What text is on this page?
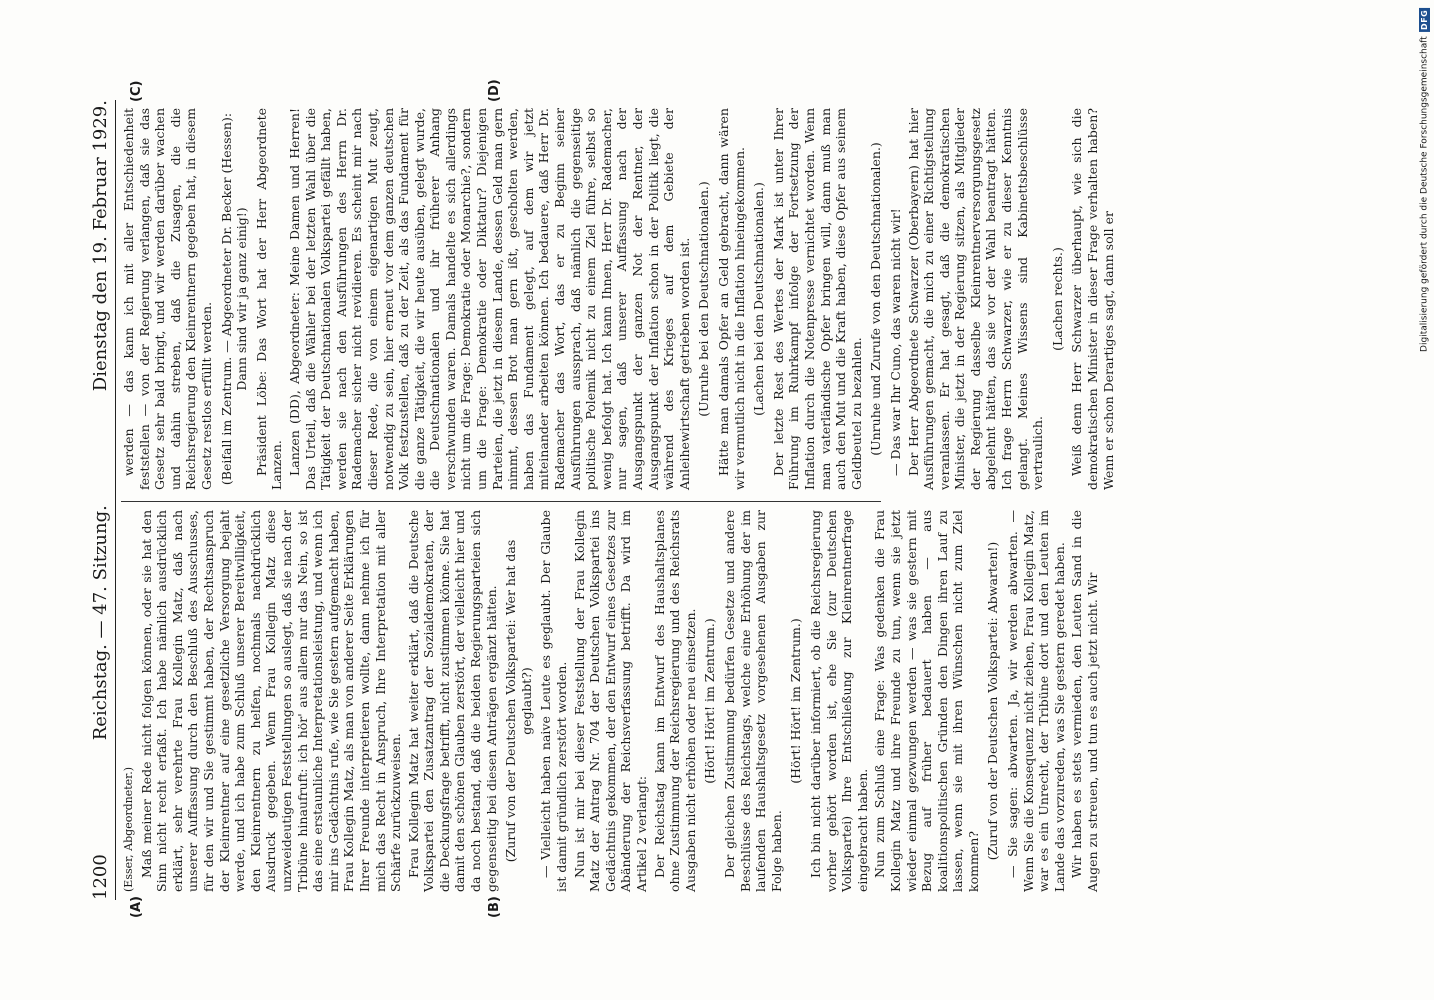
1200
Reichstag. — 47. Sitzung.
Dienstag den 19. Februar 1929.
(A)	(B)
(C)	(D)

(Esser, Abgeordneter.) Maß meiner Rede nicht folgen können, oder sie hat den Sinn nicht recht erfaßt. Ich habe nämlich ausdrücklich erklärt, sehr verehrte Frau Kollegin Matz, daß nach unserer Auffassung durch den Beschluß des Ausschusses, für den wir und Sie gestimmt haben, der Rechtsanspruch der Kleinrentner auf eine gesetzliche Versorgung bejaht werde, und ich habe zum Schluß unserer Bereitwilligkeit, den Kleinrentnern zu helfen, nochmals nachdrücklich Ausdruck gegeben. Wenn Frau Kollegin Matz diese unzweideutigen Feststellungen so auslegt, daß sie nach der Tribüne hinaufruft: ich hör' aus allem nur das Nein, so ist das eine erstaunliche Interpretationsleistung, und wenn ich mir ins Gedächtnis rufe, wie Sie gestern aufgemacht haben, Frau Kollegin Matz, als man von anderer Seite Erklärungen Ihrer Freunde interpretieren wollte, dann nehme ich für mich das Recht in Anspruch, Ihre Interpretation mit aller Schärfe zurückzuweisen. Frau Kollegin Matz hat weiter erklärt, daß die Deutsche Volkspartei den Zusatzantrag der Sozialdemokraten, der die Deckungsfrage betrifft, nicht zustimmen könne. Sie hat damit den schönen Glauben zerstört, der vielleicht hier und da noch bestand, daß die beiden Regierungsparteien sich gegenseitig bei diesen Anträgen ergänzt hätten. (Zuruf von der Deutschen Volkspartei: Wer hat das geglaubt?) — Vielleicht haben naive Leute es geglaubt. Der Glaube ist damit gründlich zerstört worden. Nun ist mir bei dieser Feststellung der Frau Kollegin Matz der Antrag Nr. 704 der Deutschen Volkspartei ins Gedächtnis gekommen, der den Entwurf eines Gesetzes zur Abänderung der Reichsverfassung betrifft. Da wird im Artikel 2 verlangt: Der Reichstag kann im Entwurf des Haushaltsplanes ohne Zustimmung der Reichsregierung und des Reichsrats Ausgaben nicht erhöhen oder neu einsetzen. (Hört! Hört! im Zentrum.) Der gleichen Zustimmung bedürfen Gesetze und andere Beschlüsse des Reichstags, welche eine Erhöhung der im laufenden Haushaltsgesetz vorgesehenen Ausgaben zur Folge haben.

(Hört! Hört! im Zentrum.) Ich bin nicht darüber informiert, ob die Reichsregierung vorher gehört worden ist, ehe Sie (zur Deutschen Volkspartei) Ihre Entschließung zur Kleinrentnerfrage eingebracht haben. Nun zum Schluß eine Frage: Was gedenken die Frau Kollegin Matz und ihre Freunde zu tun, wenn sie jetzt wieder einmal gezwungen werden — was sie gestern mit Bezug auf früher bedauert haben — aus koalitionspolitischen Gründen den Dingen ihren Lauf zu lassen, wenn sie mit ihren Wünschen nicht zum Ziel kommen?

(Zuruf von der Deutschen Volkspartei: Abwarten!) — Sie sagen: abwarten. Ja, wir werden abwarten. — Wenn Sie die Konsequenz nicht ziehen, Frau Kollegin Matz, war es ein Unrecht, der Tribüne dort und den Leuten im Lande das vorzureden, was Sie gestern geredet haben. Wir haben es stets vermieden, den Leuten Sand in die Augen zu streuen, und tun es auch jetzt nicht. Wir

werden — das kann ich mit aller Entschiedenheit feststellen — von der Regierung verlangen, daß sie das Gesetz sehr bald bringt, und wir werden darüber wachen und dahin streben, daß die Zusagen, die die Reichsregierung den Kleinrentnern gegeben hat, in diesem Gesetz restlos erfüllt werden. (Beifall im Zentrum. — Abgeordneter Dr. Becker (Hessen): Dann sind wir ja ganz einig!) Präsident Löbe: Das Wort hat der Herr Abgeordnete Lanzen. Lanzen (DD), Abgeordneter: Meine Damen und Herren! Das Urteil, daß die Wähler bei der letzten Wahl über die Tätigkeit der Deutschnationalen Volkspartei gefällt haben, werden sie nach den Ausführungen des Herrn Dr. Rademacher sicher nicht revidieren. Es scheint mir nach dieser Rede, die von einem eigenartigen Mut zeugt, notwendig zu sein, hier erneut vor dem ganzen deutschen Volk festzustellen, daß zu der Zeit, als das Fundament für die ganze Tätigkeit, die wir heute ausüben, gelegt wurde, die Deutschnationalen und ihr früherer Anhang verschwunden waren. Damals handelte es sich allerdings nicht um die Frage: Demokratie oder Monarchie?, sondern um die Frage: Demokratie oder Diktatur? Diejenigen Parteien, die jetzt in diesem Lande, dessen Geld man gern nimmt, dessen Brot man gern ißt, gescholten werden, haben das Fundament gelegt, auf dem wir jetzt miteinander arbeiten können. Ich bedauere, daß Herr Dr. Rademacher das Wort, das er zu Beginn seiner Ausführungen aussprach, daß nämlich die gegenseitige politische Polemik nicht zu einem Ziel führe, selbst so wenig befolgt hat. Ich kann Ihnen, Herr Dr. Rademacher, nur sagen, daß unserer Auffassung nach der Ausgangspunkt der ganzen Not der Rentner, der Ausgangspunkt der Inflation schon in der Politik liegt, die während des Krieges auf dem Gebiete der Anleihewirtschaft getrieben worden ist. (Unruhe bei den Deutschnationalen.) Hätte man damals Opfer an Geld gebracht, dann wären wir vermutlich nicht in die Inflation hineingekommen. (Lachen bei den Deutschnationalen.) Der letzte Rest des Wertes der Mark ist unter Ihrer Führung im Ruhrkampf infolge der Fortsetzung der Inflation durch die Notenpresse vernichtet worden. Wenn man vaterländische Opfer bringen will, dann muß man auch den Mut und die Kraft haben, diese Opfer aus seinem Geldbeutel zu bezahlen. (Unruhe und Zurufe von den Deutschnationalen.) — Das war Ihr Cuno, das waren nicht wir! Der Herr Abgeordnete Schwarzer (Oberbayern) hat hier Ausführungen gemacht, die mich zu einer Richtigstellung veranlassen. Er hat gesagt, daß die demokratischen Minister, die jetzt in der Regierung sitzen, als Mitglieder der Regierung dasselbe Kleinrentnerversorgungsgesetz abgelehnt hätten, das sie vor der Wahl beantragt hätten. Ich frage Herrn Schwarzer, wie er zu dieser Kenntnis gelangt. Meines Wissens sind Kabinettsbeschlüsse vertraulich.

(Lachen rechts.) Weiß denn Herr Schwarzer überhaupt, wie sich die demokratischen Minister in dieser Frage verhalten haben? Wenn er schon Derartiges sagt, dann soll er	Digitalisierung gefördert durch die Deutsche Forschungsgemeinschaft
DFG
